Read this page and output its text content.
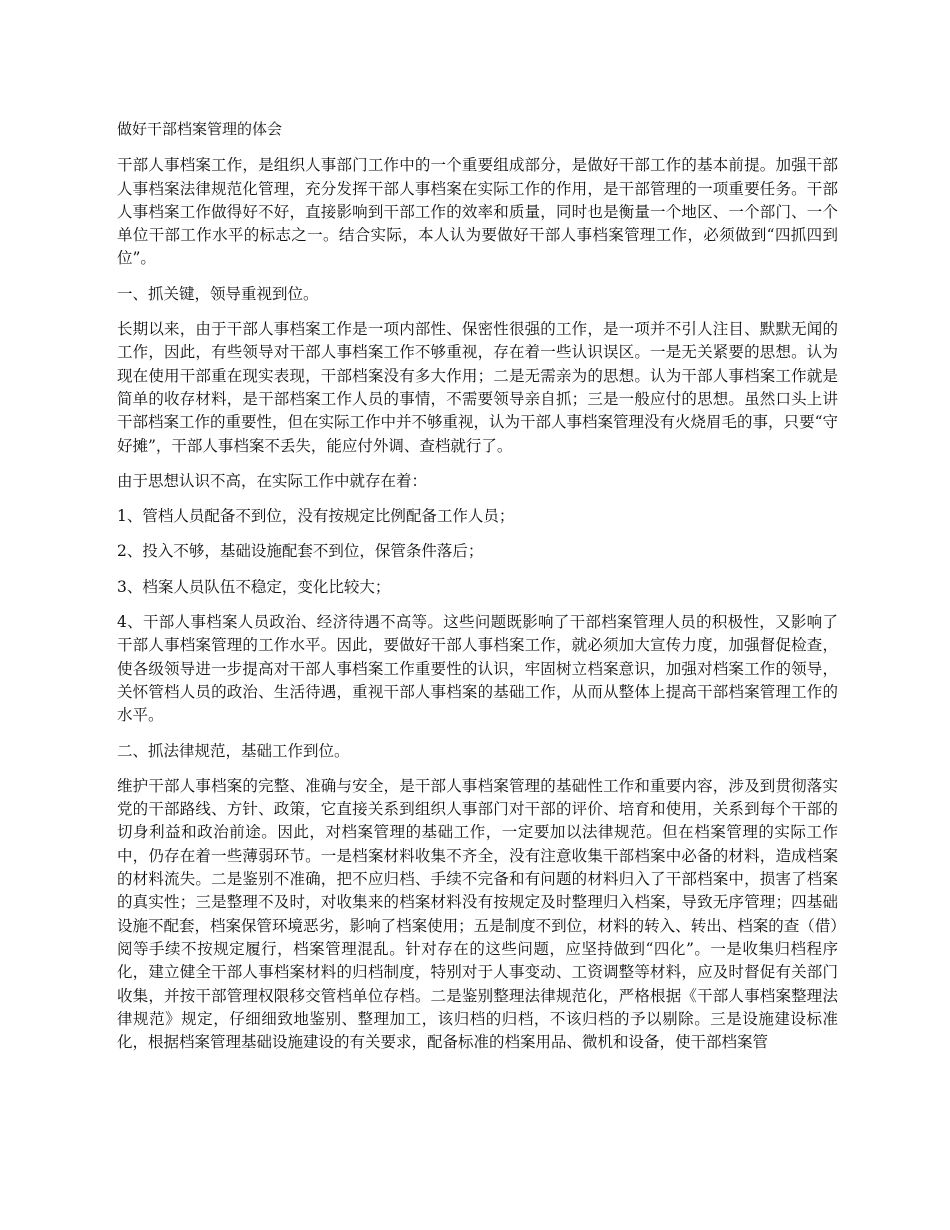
做好干部档案管理的体会

干部人事档案工作，是组织人事部门工作中的一个重要组成部分，是做好干部工作的基本前提。加强干部人事档案法律规范化管理，充分发挥干部人事档案在实际工作的作用，是干部管理的一项重要任务。干部人事档案工作做得好不好，直接影响到干部工作的效率和质量，同时也是衡量一个地区、一个部门、一个单位干部工作水平的标志之一。结合实际，本人认为要做好干部人事档案管理工作，必须做到“四抓四到位”。

一、抓关键，领导重视到位。

长期以来，由于干部人事档案工作是一项内部性、保密性很强的工作，是一项并不引人注目、默默无闻的工作，因此，有些领导对干部人事档案工作不够重视，存在着一些认识误区。一是无关紧要的思想。认为现在使用干部重在现实表现，干部档案没有多大作用；二是无需亲为的思想。认为干部人事档案工作就是简单的收存材料，是干部档案工作人员的事情，不需要领导亲自抓；三是一般应付的思想。虽然口头上讲干部档案工作的重要性，但在实际工作中并不够重视，认为干部人事档案管理没有火烧眉毛的事，只要“守好摊”，干部人事档案不丢失，能应付外调、查档就行了。

由于思想认识不高，在实际工作中就存在着：

1、管档人员配备不到位，没有按规定比例配备工作人员；

2、投入不够，基础设施配套不到位，保管条件落后；

3、档案人员队伍不稳定，变化比较大；

4、干部人事档案人员政治、经济待遇不高等。这些问题既影响了干部档案管理人员的积极性，又影响了干部人事档案管理的工作水平。因此，要做好干部人事档案工作，就必须加大宣传力度，加强督促检查，使各级领导进一步提高对干部人事档案工作重要性的认识，牢固树立档案意识，加强对档案工作的领导，关怀管档人员的政治、生活待遇，重视干部人事档案的基础工作，从而从整体上提高干部档案管理工作的水平。

二、抓法律规范，基础工作到位。

维护干部人事档案的完整、准确与安全，是干部人事档案管理的基础性工作和重要内容，涉及到贯彻落实党的干部路线、方针、政策，它直接关系到组织人事部门对干部的评价、培育和使用，关系到每个干部的切身利益和政治前途。因此，对档案管理的基础工作，一定要加以法律规范。但在档案管理的实际工作中，仍存在着一些薄弱环节。一是档案材料收集不齐全，没有注意收集干部档案中必备的材料，造成档案的材料流失。二是鉴别不准确，把不应归档、手续不完备和有问题的材料归入了干部档案中，损害了档案的真实性；三是整理不及时，对收集来的档案材料没有按规定及时整理归入档案，导致无序管理；四基础设施不配套，档案保管环境恶劣，影响了档案使用；五是制度不到位，材料的转入、转出、档案的查（借）阅等手续不按规定履行，档案管理混乱。针对存在的这些问题，应坚持做到“四化”。一是收集归档程序化，建立健全干部人事档案材料的归档制度，特别对于人事变动、工资调整等材料，应及时督促有关部门收集，并按干部管理权限移交管档单位存档。二是鉴别整理法律规范化，严格根据《干部人事档案整理法律规范》规定，仔细细致地鉴别、整理加工，该归档的归档，不该归档的予以剔除。三是设施建设标准化，根据档案管理基础设施建设的有关要求，配备标准的档案用品、微机和设备，使干部档案管
